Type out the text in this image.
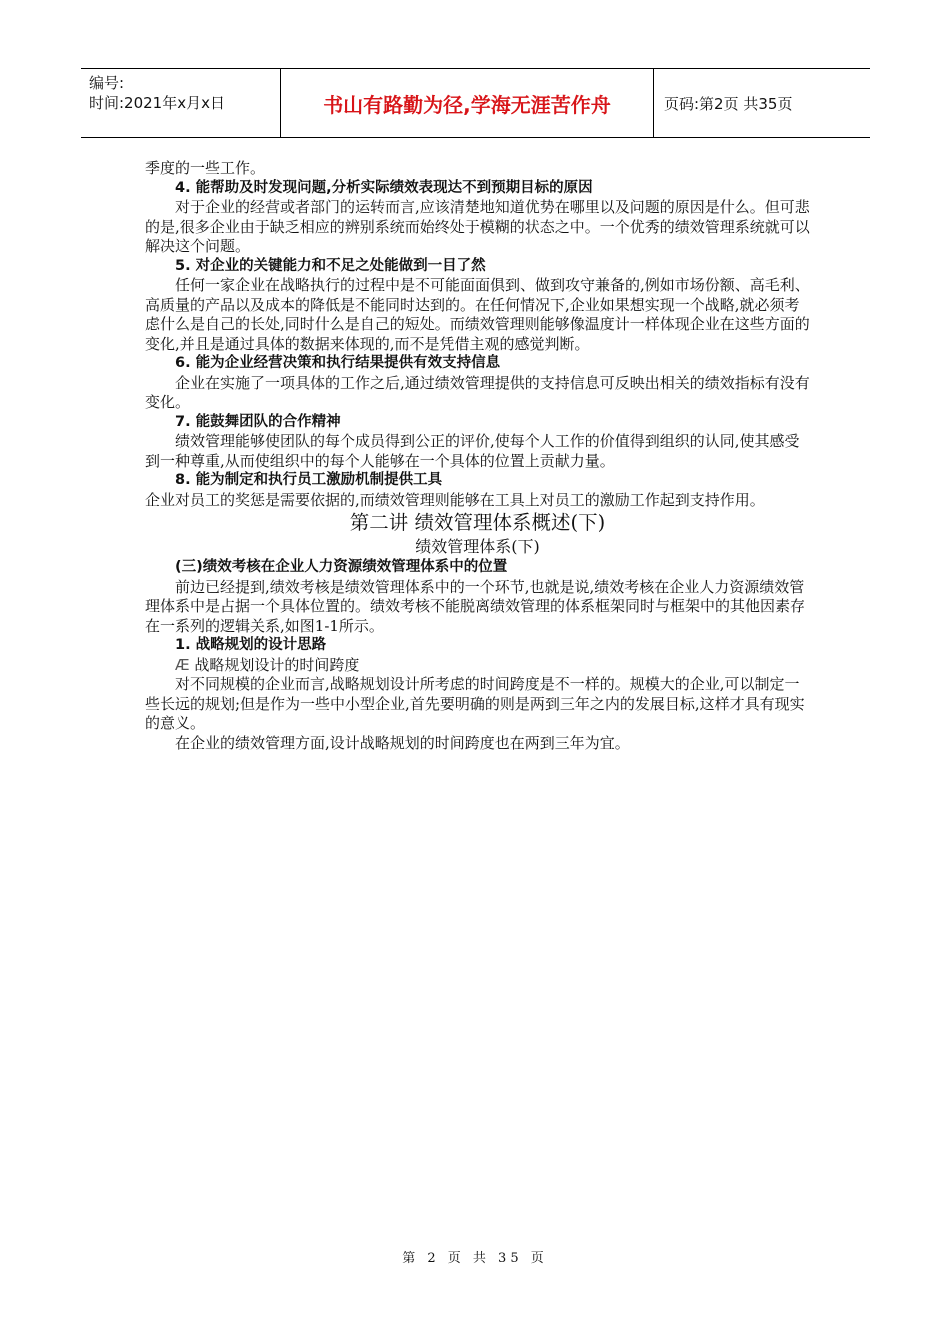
编号:
时间:2021年x月x日	书山有路勤为径,学海无涯苦作舟	页码:第2页 共35页

季度的一些工作。

4. 能帮助及时发现问题,分析实际绩效表现达不到预期目标的原因

对于企业的经营或者部门的运转而言,应该清楚地知道优势在哪里以及问题的原因是什么。但可悲的是,很多企业由于缺乏相应的辨别系统而始终处于模糊的状态之中。一个优秀的绩效管理系统就可以解决这个问题。

5. 对企业的关键能力和不足之处能做到一目了然

任何一家企业在战略执行的过程中是不可能面面俱到、做到攻守兼备的,例如市场份额、高毛利、高质量的产品以及成本的降低是不能同时达到的。在任何情况下,企业如果想实现一个战略,就必须考虑什么是自己的长处,同时什么是自己的短处。而绩效管理则能够像温度计一样体现企业在这些方面的变化,并且是通过具体的数据来体现的,而不是凭借主观的感觉判断。

6. 能为企业经营决策和执行结果提供有效支持信息

企业在实施了一项具体的工作之后,通过绩效管理提供的支持信息可反映出相关的绩效指标有没有变化。

7. 能鼓舞团队的合作精神

绩效管理能够使团队的每个成员得到公正的评价,使每个人工作的价值得到组织的认同,使其感受到一种尊重,从而使组织中的每个人能够在一个具体的位置上贡献力量。

8. 能为制定和执行员工激励机制提供工具

企业对员工的奖惩是需要依据的,而绩效管理则能够在工具上对员工的激励工作起到支持作用。

第二讲 绩效管理体系概述(下)

绩效管理体系(下)

(三)绩效考核在企业人力资源绩效管理体系中的位置

前边已经提到,绩效考核是绩效管理体系中的一个环节,也就是说,绩效考核在企业人力资源绩效管理体系中是占据一个具体位置的。绩效考核不能脱离绩效管理的体系框架同时与框架中的其他因素存在一系列的逻辑关系,如图1-1所示。

1. 战略规划的设计思路

Æ 战略规划设计的时间跨度

对不同规模的企业而言,战略规划设计所考虑的时间跨度是不一样的。规模大的企业,可以制定一些长远的规划;但是作为一些中小型企业,首先要明确的则是两到三年之内的发展目标,这样才具有现实的意义。

在企业的绩效管理方面,设计战略规划的时间跨度也在两到三年为宜。

第 2 页 共 35 页
